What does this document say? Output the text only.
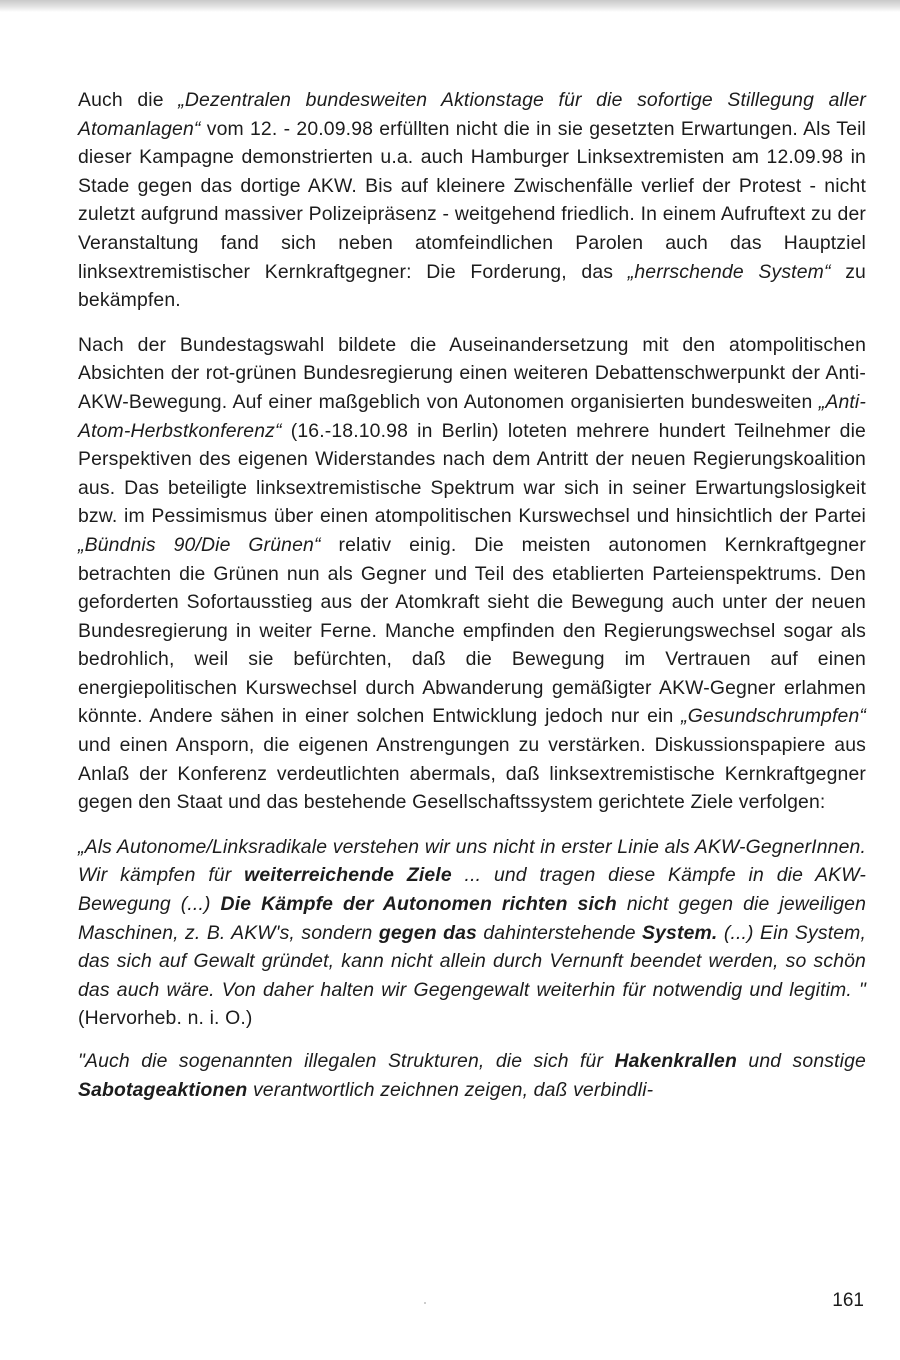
Auch die „Dezentralen bundesweiten Aktionstage für die sofortige Stillegung aller Atomanlagen“ vom 12. - 20.09.98 erfüllten nicht die in sie gesetzten Erwartungen. Als Teil dieser Kampagne demonstrierten u.a. auch Hamburger Linksextremisten am 12.09.98 in Stade gegen das dortige AKW. Bis auf kleinere Zwischenfälle verlief der Protest - nicht zuletzt aufgrund massiver Polizeipräsenz - weitgehend friedlich. In einem Aufruftext zu der Veranstaltung fand sich neben atomfeindlichen Parolen auch das Hauptziel linksextremistischer Kernkraftgegner: Die Forderung, das „herrschende System“ zu bekämpfen.

Nach der Bundestagswahl bildete die Auseinandersetzung mit den atompolitischen Absichten der rot-grünen Bundesregierung einen weiteren Debattenschwerpunkt der Anti-AKW-Bewegung. Auf einer maßgeblich von Autonomen organisierten bundesweiten „Anti-Atom-Herbstkonferenz“ (16.-18.10.98 in Berlin) loteten mehrere hundert Teilnehmer die Perspektiven des eigenen Widerstandes nach dem Antritt der neuen Regierungskoalition aus. Das beteiligte linksextremistische Spektrum war sich in seiner Erwartungslosigkeit bzw. im Pessimismus über einen atompolitischen Kurswechsel und hinsichtlich der Partei „Bündnis 90/Die Grünen“ relativ einig. Die meisten autonomen Kernkraftgegner betrachten die Grünen nun als Gegner und Teil des etablierten Parteienspektrums. Den geforderten Sofortausstieg aus der Atomkraft sieht die Bewegung auch unter der neuen Bundesregierung in weiter Ferne. Manche empfinden den Regierungswechsel sogar als bedrohlich, weil sie befürchten, daß die Bewegung im Vertrauen auf einen energiepolitischen Kurswechsel durch Abwanderung gemäßigter AKW-Gegner erlahmen könnte. Andere sähen in einer solchen Entwicklung jedoch nur ein „Gesundschrumpfen“ und einen Ansporn, die eigenen Anstrengungen zu verstärken. Diskussionspapiere aus Anlaß der Konferenz verdeutlichten abermals, daß linksextremistische Kernkraftgegner gegen den Staat und das bestehende Gesellschaftssystem gerichtete Ziele verfolgen:

„Als Autonome/Linksradikale verstehen wir uns nicht in erster Linie als AKW-GegnerInnen. Wir kämpfen für weiterreichende Ziele ... und tragen diese Kämpfe in die AKW-Bewegung (...) Die Kämpfe der Autonomen richten sich nicht gegen die jeweiligen Maschinen, z. B. AKW's, sondern gegen das dahinterstehende System. (...) Ein System, das sich auf Gewalt gründet, kann nicht allein durch Vernunft beendet werden, so schön das auch wäre. Von daher halten wir Gegengewalt weiterhin für notwendig und legitim. " (Hervorheb. n. i. O.)

"Auch die sogenannten illegalen Strukturen, die sich für Hakenkrallen und sonstige Sabotageaktionen verantwortlich zeichnen zeigen, daß verbindli-

161
